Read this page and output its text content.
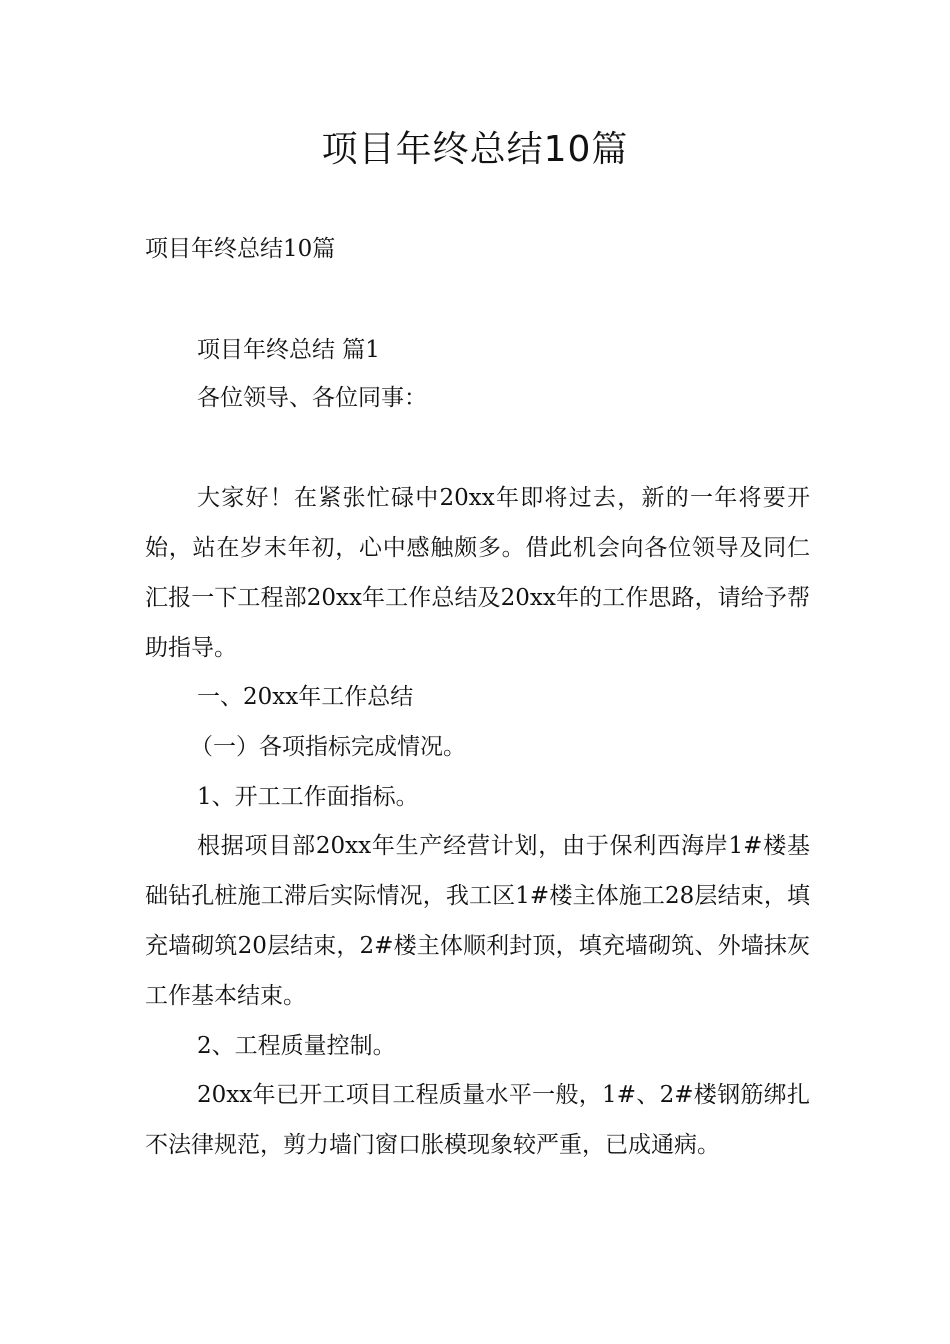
项目年终总结10篇
项目年终总结10篇
项目年终总结 篇1
各位领导、各位同事：

大家好！在紧张忙碌中20xx年即将过去，新的一年将要开始，站在岁末年初，心中感触颇多。借此机会向各位领导及同仁汇报一下工程部20xx年工作总结及20xx年的工作思路，请给予帮助指导。

一、20xx年工作总结
（一）各项指标完成情况。
1、开工工作面指标。

根据项目部20xx年生产经营计划，由于保利西海岸1#楼基础钻孔桩施工滞后实际情况，我工区1#楼主体施工28层结束，填充墙砌筑20层结束，2#楼主体顺利封顶，填充墙砌筑、外墙抹灰工作基本结束。

2、工程质量控制。

20xx年已开工项目工程质量水平一般，1#、2#楼钢筋绑扎不法律规范，剪力墙门窗口胀模现象较严重，已成通病。
